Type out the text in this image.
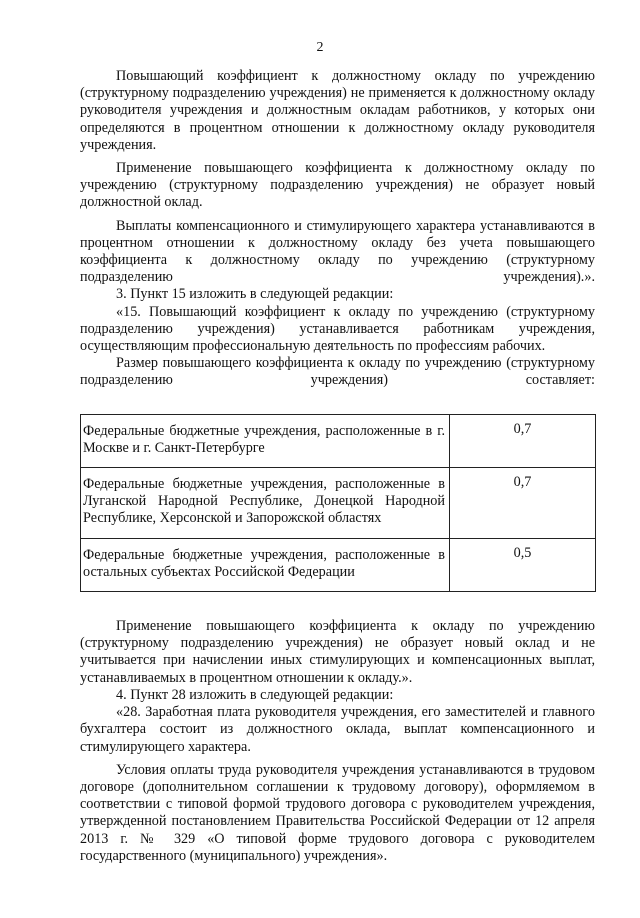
2

Повышающий коэффициент к должностному окладу по учреждению (структурному подразделению учреждения) не применяется к должностному окладу руководителя учреждения и должностным окладам работников, у которых они определяются в процентном отношении к должностному окладу руководителя учреждения.

Применение повышающего коэффициента к должностному окладу по учреждению (структурному подразделению учреждения) не образует новый должностной оклад.

Выплаты компенсационного и стимулирующего характера устанавливаются в процентном отношении к должностному окладу без учета повышающего коэффициента к должностному окладу по учреждению (структурному подразделению учреждения).».

3. Пункт 15 изложить в следующей редакции:

«15. Повышающий коэффициент к окладу по учреждению (структурному подразделению учреждения) устанавливается работникам учреждения, осуществляющим профессиональную деятельность по профессиям рабочих.

Размер повышающего коэффициента к окладу по учреждению (структурному подразделению учреждения) составляет:

Федеральные бюджетные учреждения, расположенные в г. Москве и г. Санкт-Петербурге	0,7
Федеральные бюджетные учреждения, расположенные в Луганской Народной Республике, Донецкой Народной Республике, Херсонской и Запорожской областях	0,7
Федеральные бюджетные учреждения, расположенные в остальных субъектах Российской Федерации	0,5

Применение повышающего коэффициента к окладу по учреждению (структурному подразделению учреждения) не образует новый оклад и не учитывается при начислении иных стимулирующих и компенсационных выплат, устанавливаемых в процентном отношении к окладу.».

4. Пункт 28 изложить в следующей редакции:

«28. Заработная плата руководителя учреждения, его заместителей и главного бухгалтера состоит из должностного оклада, выплат компенсационного и стимулирующего характера.

Условия оплаты труда руководителя учреждения устанавливаются в трудовом договоре (дополнительном соглашении к трудовому договору), оформляемом в соответствии с типовой формой трудового договора с руководителем учреждения, утвержденной постановлением Правительства Российской Федерации от 12 апреля 2013 г. № 329 «О типовой форме трудового договора с руководителем государственного (муниципального) учреждения».
